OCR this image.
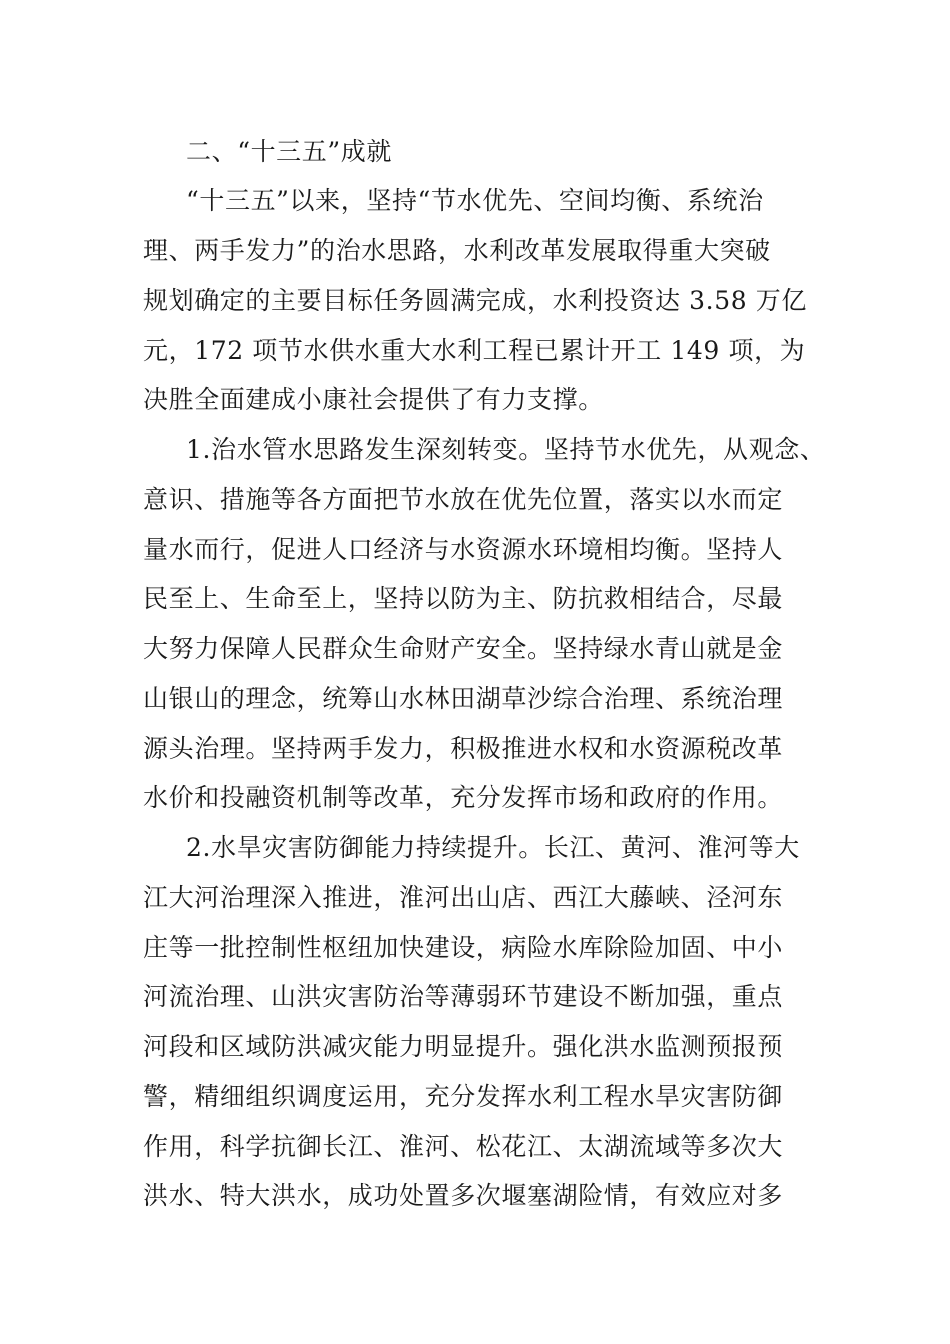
二、“十三五”成就
“十三五”以来，坚持“节水优先、空间均衡、系统治
理、两手发力”的治水思路，水利改革发展取得重大突破
规划确定的主要目标任务圆满完成，水利投资达 3.58 万亿
元，172 项节水供水重大水利工程已累计开工 149 项，为
决胜全面建成小康社会提供了有力支撑。
1.治水管水思路发生深刻转变。坚持节水优先，从观念、
意识、措施等各方面把节水放在优先位置，落实以水而定
量水而行，促进人口经济与水资源水环境相均衡。坚持人
民至上、生命至上，坚持以防为主、防抗救相结合，尽最
大努力保障人民群众生命财产安全。坚持绿水青山就是金
山银山的理念，统筹山水林田湖草沙综合治理、系统治理
源头治理。坚持两手发力，积极推进水权和水资源税改革
水价和投融资机制等改革，充分发挥市场和政府的作用。
2.水旱灾害防御能力持续提升。长江、黄河、淮河等大
江大河治理深入推进，淮河出山店、西江大藤峡、泾河东
庄等一批控制性枢纽加快建设，病险水库除险加固、中小
河流治理、山洪灾害防治等薄弱环节建设不断加强，重点
河段和区域防洪减灾能力明显提升。强化洪水监测预报预
警，精细组织调度运用，充分发挥水利工程水旱灾害防御
作用，科学抗御长江、淮河、松花江、太湖流域等多次大
洪水、特大洪水，成功处置多次堰塞湖险情，有效应对多
